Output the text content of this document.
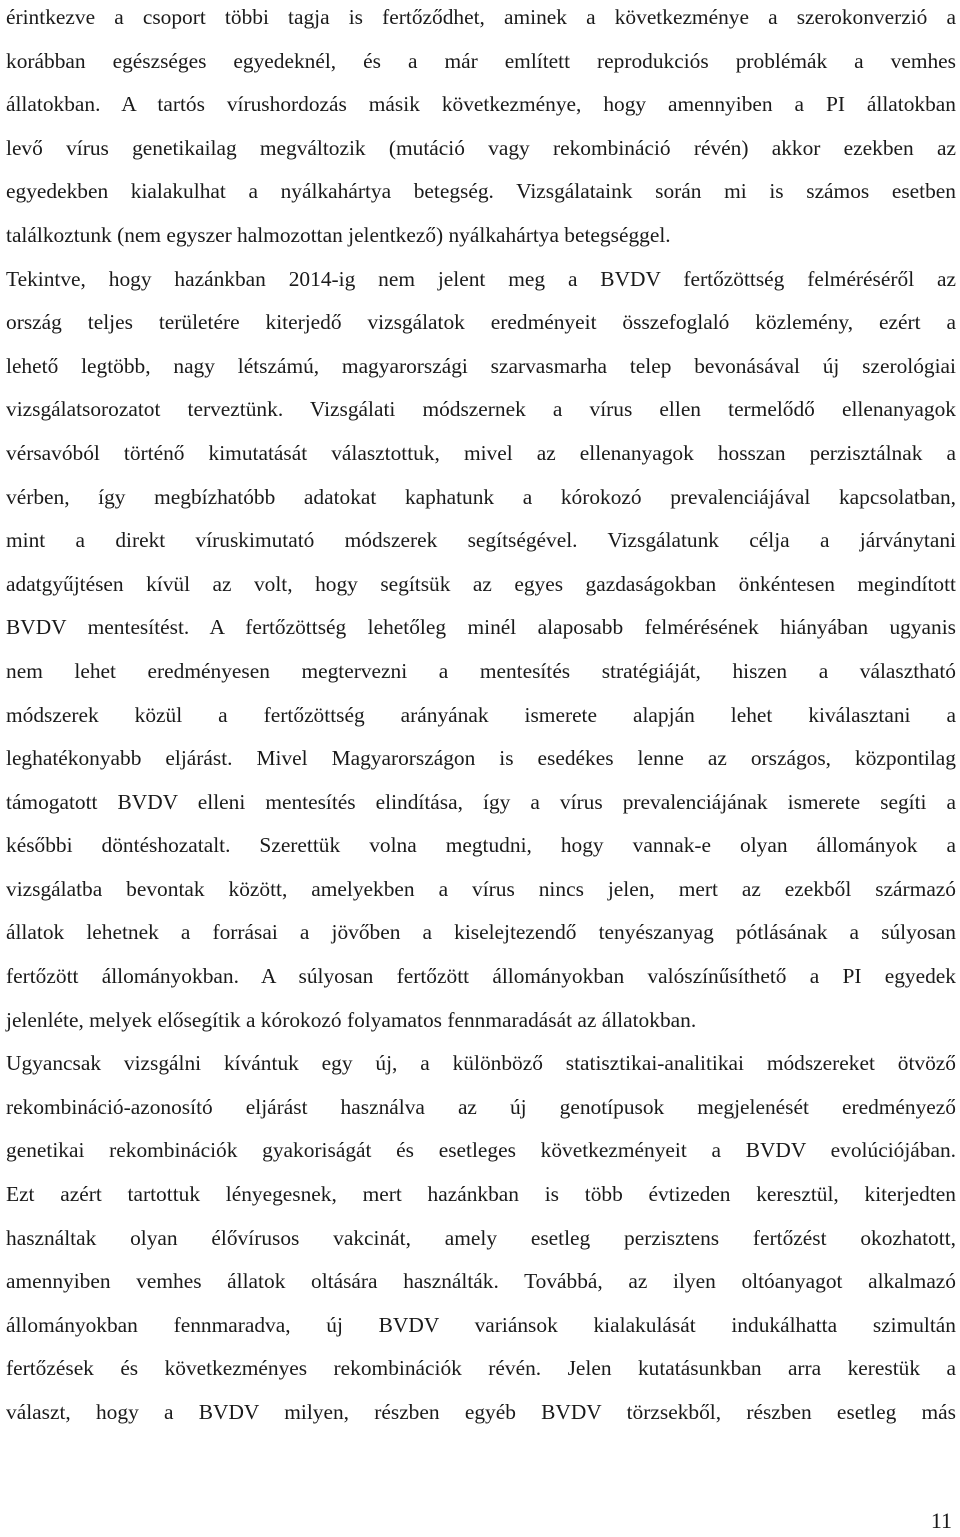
érintkezve a csoport többi tagja is fertőződhet, aminek a következménye a szerokonverzió a
korábban egészséges egyedeknél, és a már említett reprodukciós problémák a vemhes
állatokban. A tartós vírushordozás másik következménye, hogy amennyiben a PI állatokban
levő vírus genetikailag megváltozik (mutáció vagy rekombináció révén) akkor ezekben az
egyedekben kialakulhat a nyálkahártya betegség. Vizsgálataink során mi is számos esetben
találkoztunk (nem egyszer halmozottan jelentkező) nyálkahártya betegséggel.
Tekintve, hogy hazánkban 2014-ig nem jelent meg a BVDV fertőzöttség felméréséről az
ország teljes területére kiterjedő vizsgálatok eredményeit összefoglaló közlemény, ezért a
lehető legtöbb, nagy létszámú, magyarországi szarvasmarha telep bevonásával új szerológiai
vizsgálatsorozatot terveztünk. Vizsgálati módszernek a vírus ellen termelődő ellenanyagok
vérsavóból történő kimutatását választottuk, mivel az ellenanyagok hosszan perzisztálnak a
vérben, így megbízhatóbb adatokat kaphatunk a kórokozó prevalenciájával kapcsolatban,
mint a direkt víruskimutató módszerek segítségével. Vizsgálatunk célja a járványtani
adatgyűjtésen kívül az volt, hogy segítsük az egyes gazdaságokban önkéntesen megindított
BVDV mentesítést. A fertőzöttség lehetőleg minél alaposabb felmérésének hiányában ugyanis
nem lehet eredményesen megtervezni a mentesítés stratégiáját, hiszen a választható
módszerek közül a fertőzöttség arányának ismerete alapján lehet kiválasztani a
leghatékonyabb eljárást. Mivel Magyarországon is esedékes lenne az országos, központilag
támogatott BVDV elleni mentesítés elindítása, így a vírus prevalenciájának ismerete segíti a
későbbi döntéshozatalt. Szerettük volna megtudni, hogy vannak-e olyan állományok a
vizsgálatba bevontak között, amelyekben a vírus nincs jelen, mert az ezekből származó
állatok lehetnek a forrásai a jövőben a kiselejtezendő tenyészanyag pótlásának a súlyosan
fertőzött állományokban. A súlyosan fertőzött állományokban valószínűsíthető a PI egyedek
jelenléte, melyek elősegítik a kórokozó folyamatos fennmaradását az állatokban.
Ugyancsak vizsgálni kívántuk egy új, a különböző statisztikai-analitikai módszereket ötvöző
rekombináció-azonosító eljárást használva az új genotípusok megjelenését eredményező
genetikai rekombinációk gyakoriságát és esetleges következményeit a BVDV evolúciójában.
Ezt azért tartottuk lényegesnek, mert hazánkban is több évtizeden keresztül, kiterjedten
használtak olyan élővírusos vakcinát, amely esetleg perzisztens fertőzést okozhatott,
amennyiben vemhes állatok oltására használták. Továbbá, az ilyen oltóanyagot alkalmazó
állományokban fennmaradva, új BVDV variánsok kialakulását indukálhatta szimultán
fertőzések és következményes rekombinációk révén. Jelen kutatásunkban arra kerestük a
választ, hogy a BVDV milyen, részben egyéb BVDV törzsekből, részben esetleg más
11
